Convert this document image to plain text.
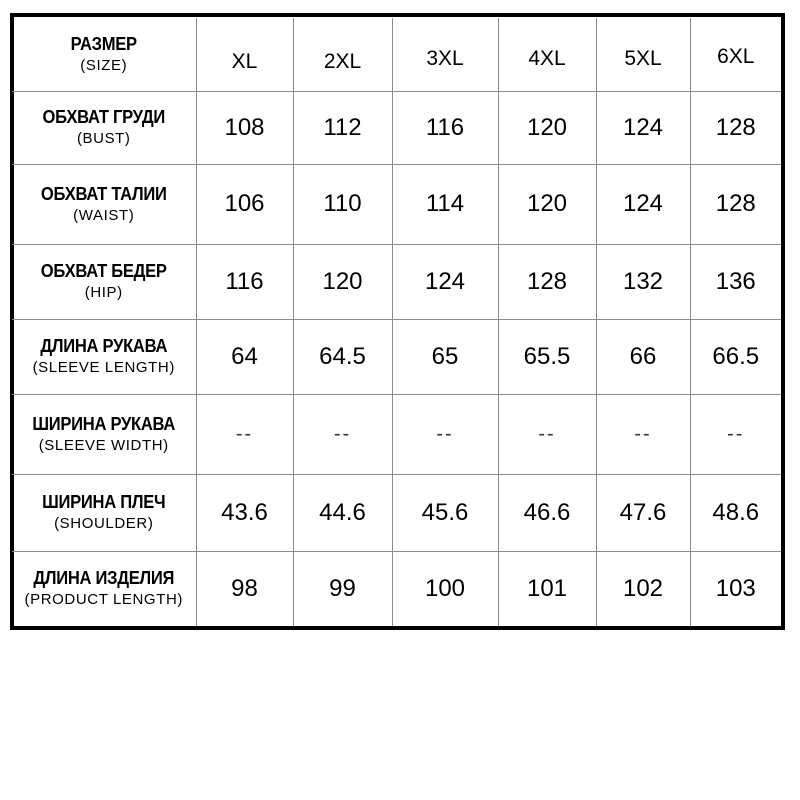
РАЗМЕР
(SIZE)	XL	2XL	3XL	4XL	5XL	6XL

ОБХВАТ ГРУДИ
(BUST)	108	112	116	120	124	128

ОБХВАТ ТАЛИИ
(WAIST)	106	110	114	120	124	128

ОБХВАТ БЕДЕР
(HIP)	116	120	124	128	132	136

ДЛИНА РУКАВА
(SLEEVE LENGTH)	64	64.5	65	65.5	66	66.5

ШИРИНА РУКАВА
(SLEEVE WIDTH)	--	--	--	--	--	--

ШИРИНА ПЛЕЧ
(SHOULDER)	43.6	44.6	45.6	46.6	47.6	48.6

ДЛИНА ИЗДЕЛИЯ
(PRODUCT LENGTH)	98	99	100	101	102	103
